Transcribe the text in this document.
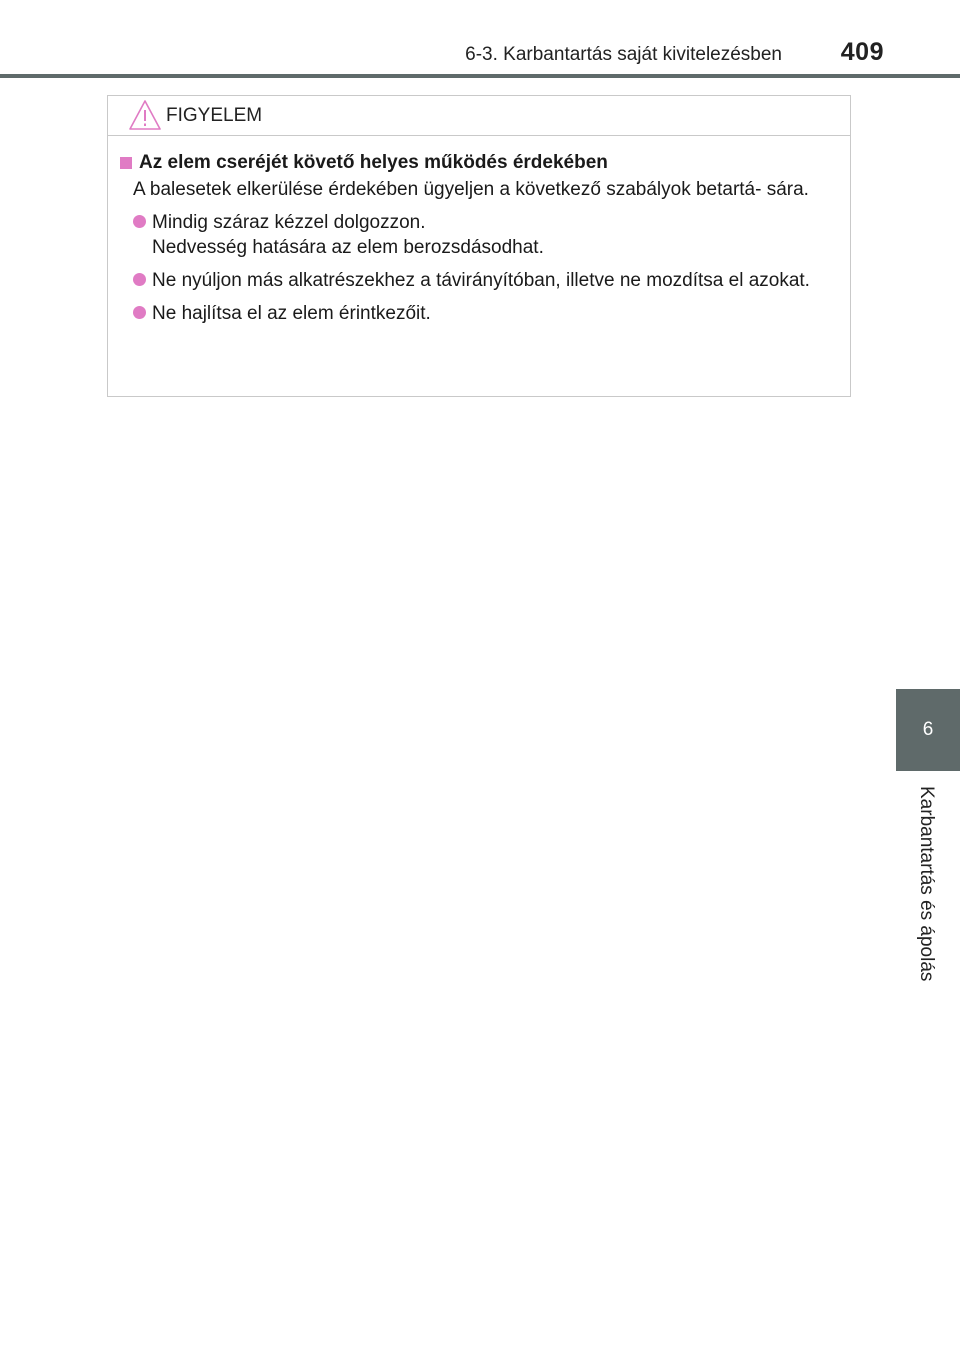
6-3. Karbantartás saját kivitelezésben 409
FIGYELEM
Az elem cseréjét követő helyes működés érdekében
A balesetek elkerülése érdekében ügyeljen a következő szabályok betartá- sára.
Mindig száraz kézzel dolgozzon.
Nedvesség hatására az elem berozsdásodhat.
Ne nyúljon más alkatrészekhez a távirányítóban, illetve ne mozdítsa el azokat.
Ne hajlítsa el az elem érintkezőit.
6
Karbantartás és ápolás
